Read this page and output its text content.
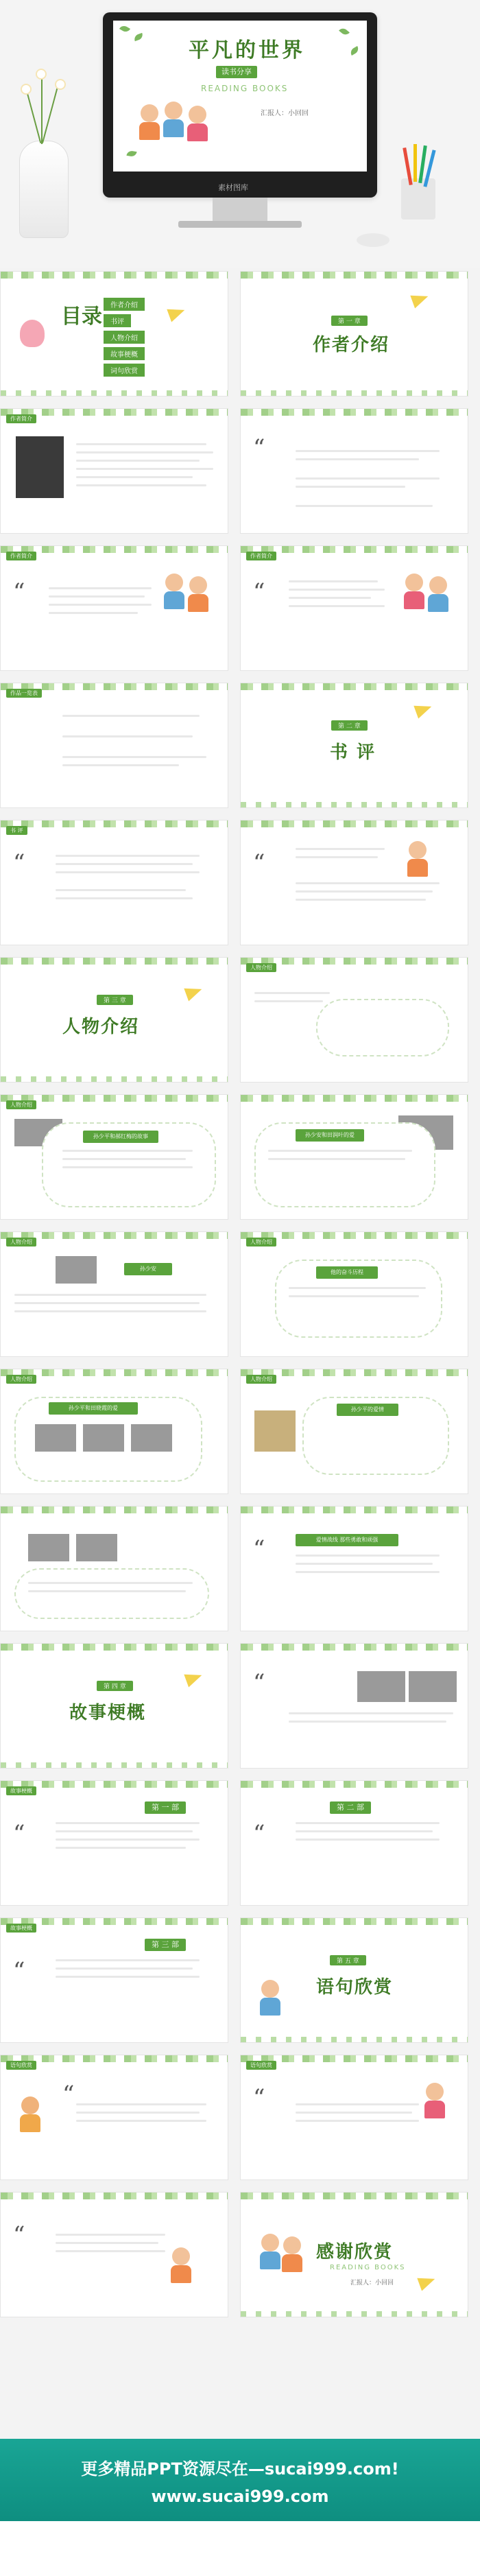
平凡的世界
读书分享
READING BOOKS
汇报人：小回回
素材图库
目录	作者介绍
书评
人物介绍
故事梗概
词句欣赏
第 一 章
作者介绍
作者简介
“
作者简介
“
作者简介
“
作品一览表
第 二 章
书 评
书 评
“	“
第 三 章
人物介绍
人物介绍
人物介绍
孙少平和郝红梅的故事	孙少安和田润叶的爱
人物介绍
孙少安
人物介绍
他的奋斗历程
人物介绍
孙少平和田晓霞的爱
人物介绍
孙少平的爱情
“	爱情战线 那些勇敢和顽强
第 四 章
故事梗概
“
故事梗概
第 一 部
“
第 二 部
“
故事梗概
第 三 部
“	第 五 章
语句欣赏
语句欣赏
“
语句欣赏
“
“
感谢欣赏
READING BOOKS
汇报人：小回回
更多精品PPT资源尽在—sucai999.com!
www.sucai999.com
